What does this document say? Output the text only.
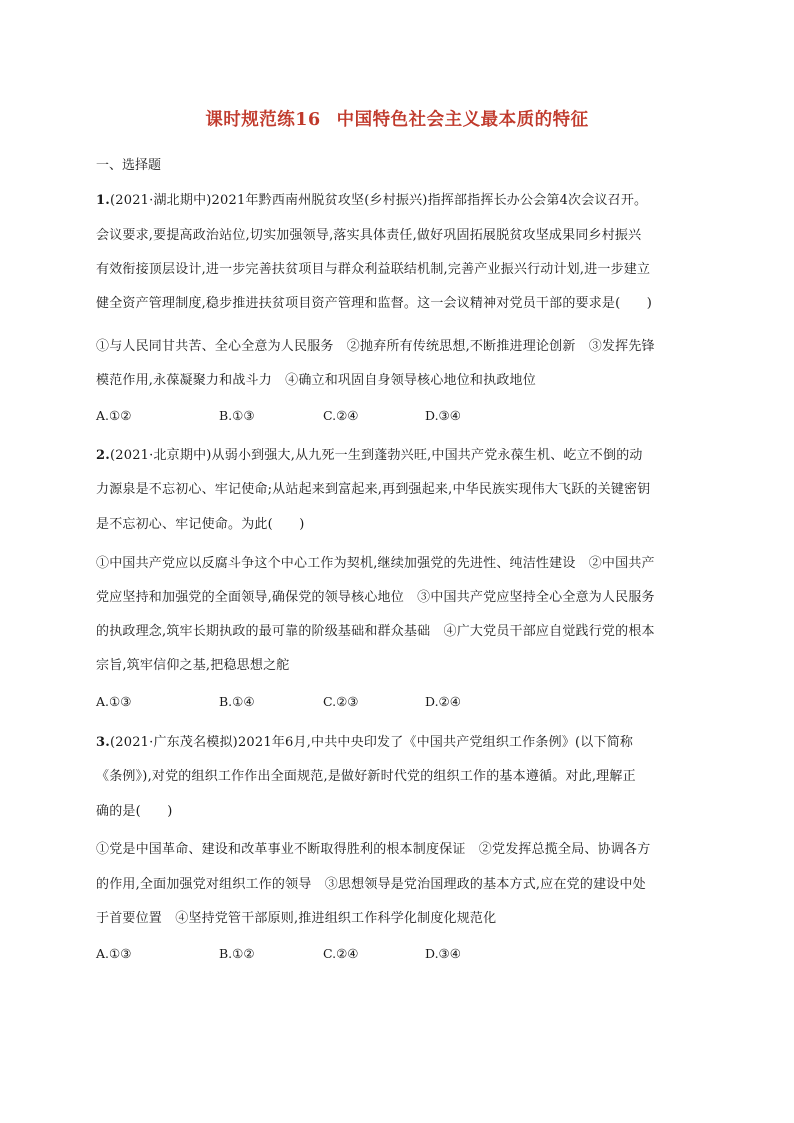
课时规范练16 中国特色社会主义最本质的特征
一、选择题
1.(2021·湖北期中)2021年黔西南州脱贫攻坚(乡村振兴)指挥部指挥长办公会第4次会议召开。
会议要求,要提高政治站位,切实加强领导,落实具体责任,做好巩固拓展脱贫攻坚成果同乡村振兴
有效衔接顶层设计,进一步完善扶贫项目与群众利益联结机制,完善产业振兴行动计划,进一步建立
健全资产管理制度,稳步推进扶贫项目资产管理和监督。这一会议精神对党员干部的要求是(　　)
①与人民同甘共苦、全心全意为人民服务　②抛弃所有传统思想,不断推进理论创新　③发挥先锋
模范作用,永葆凝聚力和战斗力　④确立和巩固自身领导核心地位和执政地位
A.①②	B.①③	C.②④	D.③④
2.(2021·北京期中)从弱小到强大,从九死一生到蓬勃兴旺,中国共产党永葆生机、屹立不倒的动
力源泉是不忘初心、牢记使命;从站起来到富起来,再到强起来,中华民族实现伟大飞跃的关键密钥
是不忘初心、牢记使命。为此(　　)
①中国共产党应以反腐斗争这个中心工作为契机,继续加强党的先进性、纯洁性建设　②中国共产
党应坚持和加强党的全面领导,确保党的领导核心地位　③中国共产党应坚持全心全意为人民服务
的执政理念,筑牢长期执政的最可靠的阶级基础和群众基础　④广大党员干部应自觉践行党的根本
宗旨,筑牢信仰之基,把稳思想之舵
A.①③	B.①④	C.②③	D.②④
3.(2021·广东茂名模拟)2021年6月,中共中央印发了《中国共产党组织工作条例》(以下简称
《条例》),对党的组织工作作出全面规范,是做好新时代党的组织工作的基本遵循。对此,理解正
确的是(　　)
①党是中国革命、建设和改革事业不断取得胜利的根本制度保证　②党发挥总揽全局、协调各方
的作用,全面加强党对组织工作的领导　③思想领导是党治国理政的基本方式,应在党的建设中处
于首要位置　④坚持党管干部原则,推进组织工作科学化制度化规范化
A.①③	B.①②	C.②④	D.③④
